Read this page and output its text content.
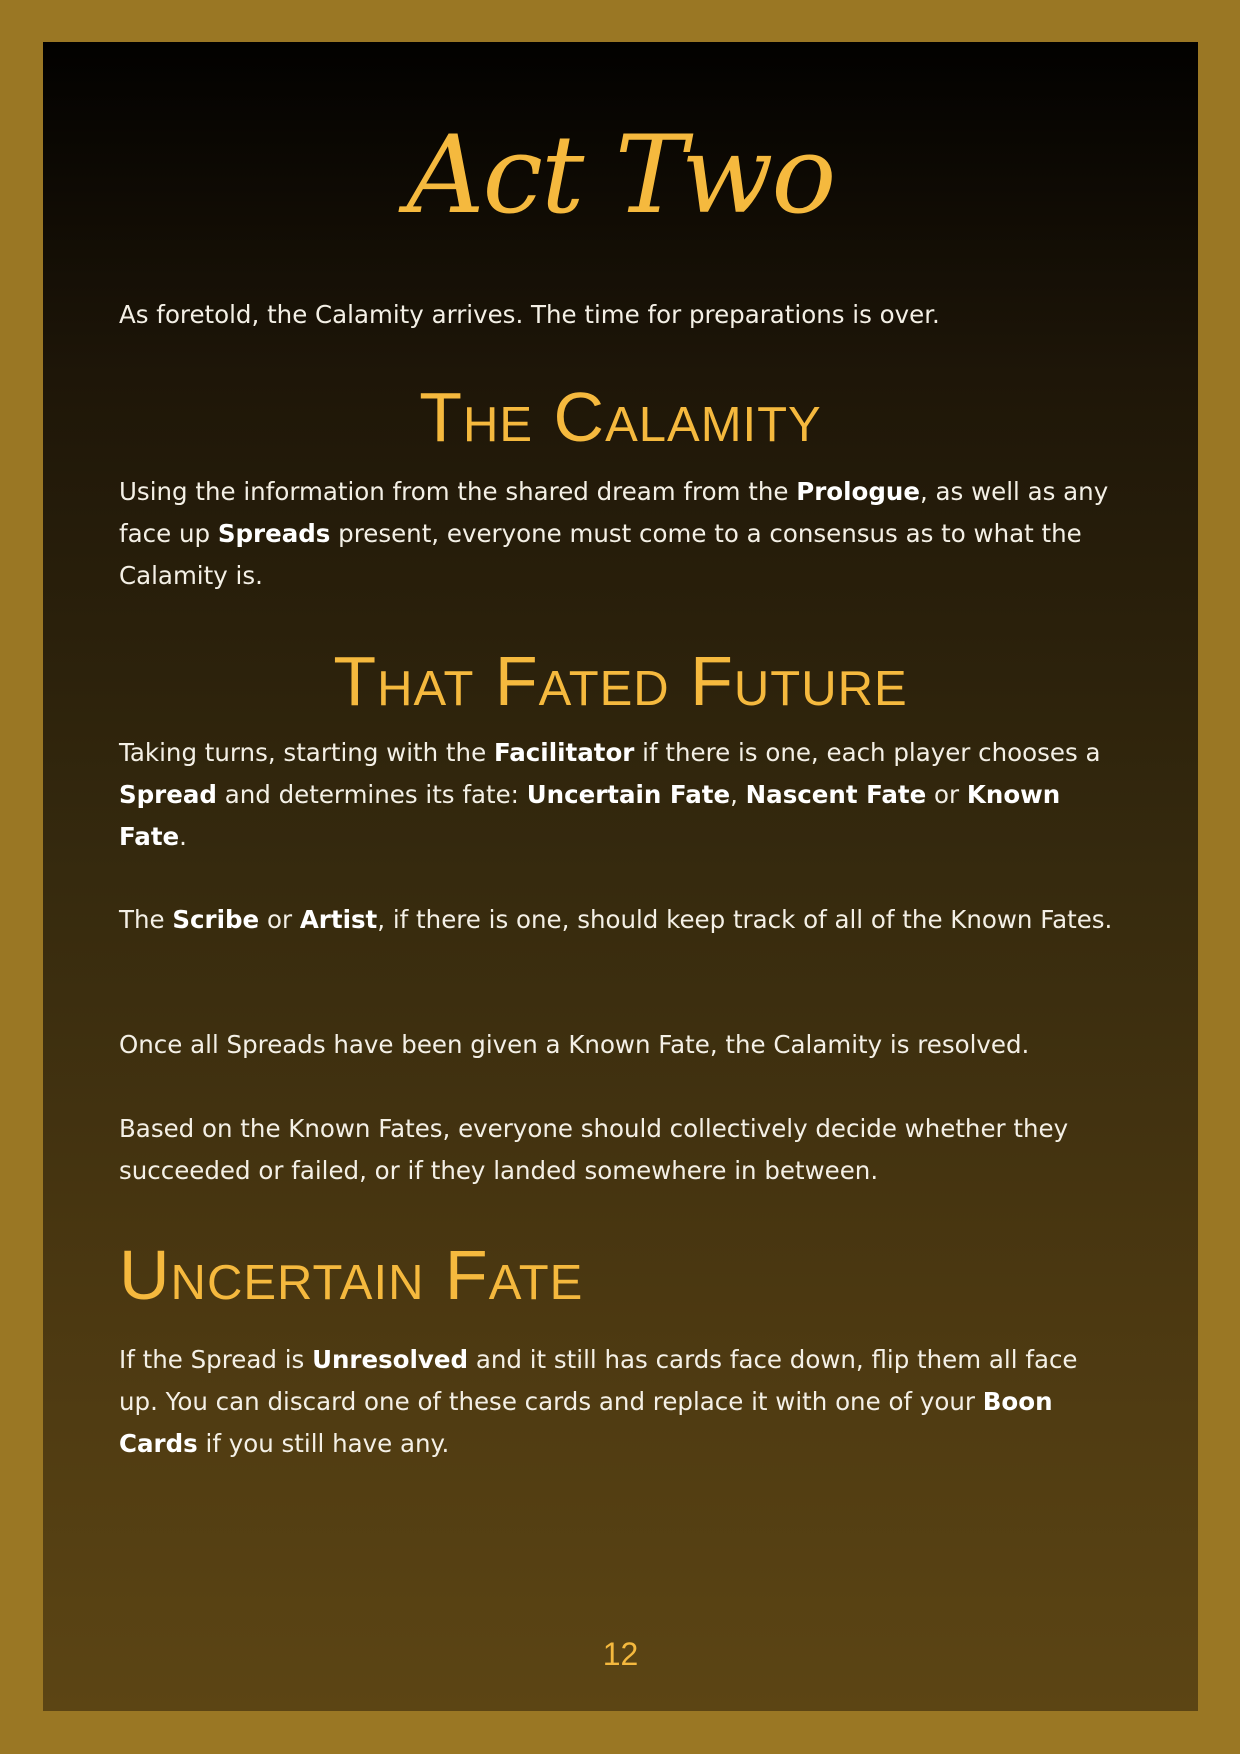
Act Two

As foretold, the Calamity arrives. The time for preparations is over.

The Calamity

Using the information from the shared dream from the Prologue, as well as any face up Spreads present, everyone must come to a consensus as to what the Calamity is.

That Fated Future

Taking turns, starting with the Facilitator if there is one, each player chooses a Spread and determines its fate: Uncertain Fate, Nascent Fate or Known Fate.

The Scribe or Artist, if there is one, should keep track of all of the Known Fates.

Once all Spreads have been given a Known Fate, the Calamity is resolved.

Based on the Known Fates, everyone should collectively decide whether they succeeded or failed, or if they landed somewhere in between.

Uncertain Fate

If the Spread is Unresolved and it still has cards face down, flip them all face up. You can discard one of these cards and replace it with one of your Boon Cards if you still have any.

12
